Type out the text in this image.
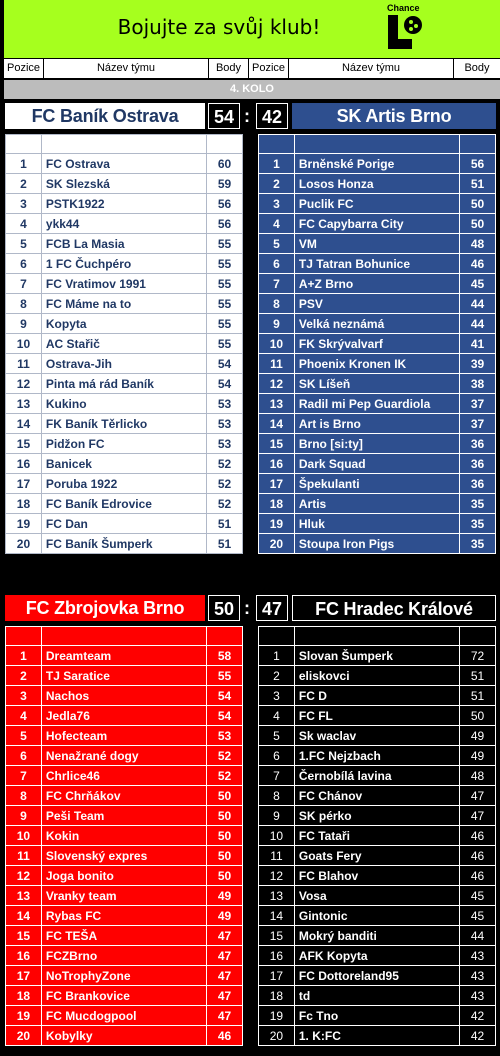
Bojujte za svůj klub!
Chance
Pozice	Název týmu	Body Pozice	Název týmu	Body
4. KOLO
FC Baník Ostrava	54 : 42	SK Artis Brno

1	FC Ostrava	60
2	SK Slezská	59
3	PSTK1922	56
4	ykk44	56
5	FCB La Masia	55
6	1 FC Čuchpéro	55
7	FC Vratimov 1991	55
8	FC Máme na to	55
9	Kopyta	55
10	AC Stařič	55
11	Ostrava-Jih	54
12	Pinta má rád Baník	54
13	Kukino	53
14	FK Baník Těrlicko	53
15	Pidžon FC	53
16	Banicek	52
17	Poruba 1922	52
18	FC Baník Edrovice	52
19	FC Dan	51
20	FC Baník Šumperk	51

1	Brněnské Porige	56
2	Losos Honza	51
3	Puclik FC	50
4	FC Capybarra City	50
5	VM	48
6	TJ Tatran Bohunice	46
7	A+Z Brno	45
8	PSV	44
9	Velká neznámá	44
10	FK Skrývalvarf	41
11	Phoenix Kronen IK	39
12	SK Líšeň	38
13	Radil mi Pep Guardiola	37
14	Art is Brno	37
15	Brno [si:ty]	36
16	Dark Squad	36
17	Špekulanti	36
18	Artis	35
19	Hluk	35
20	Stoupa Iron Pigs	35
FC Zbrojovka Brno	50 : 47	FC Hradec Králové

1	Dreamteam	58
2	TJ Saratice	55
3	Nachos	54
4	Jedla76	54
5	Hofecteam	53
6	Nenažrané dogy	52
7	Chrlice46	52
8	FC Chrňákov	50
9	Peši Team	50
10	Kokin	50
11	Slovenský expres	50
12	Joga bonito	50
13	Vranky team	49
14	Rybas FC	49
15	FC TEŠA	47
16	FCZBrno	47
17	NoTrophyZone	47
18	FC Brankovice	47
19	FC Mucdogpool	47
20	Kobylky	46

1	Slovan Šumperk	72
2	eliskovci	51
3	FC D	51
4	FC FL	50
5	Sk waclav	49
6	1.FC Nejzbach	49
7	Černobílá lavina	48
8	FC Chánov	47
9	SK pérko	47
10	FC Tataři	46
11	Goats Fery	46
12	FC Blahov	46
13	Vosa	45
14	Gintonic	45
15	Mokrý banditi	44
16	AFK Kopyta	43
17	FC Dottoreland95	43
18	td	43
19	Fc Tno	42
20	1. K:FC	42
